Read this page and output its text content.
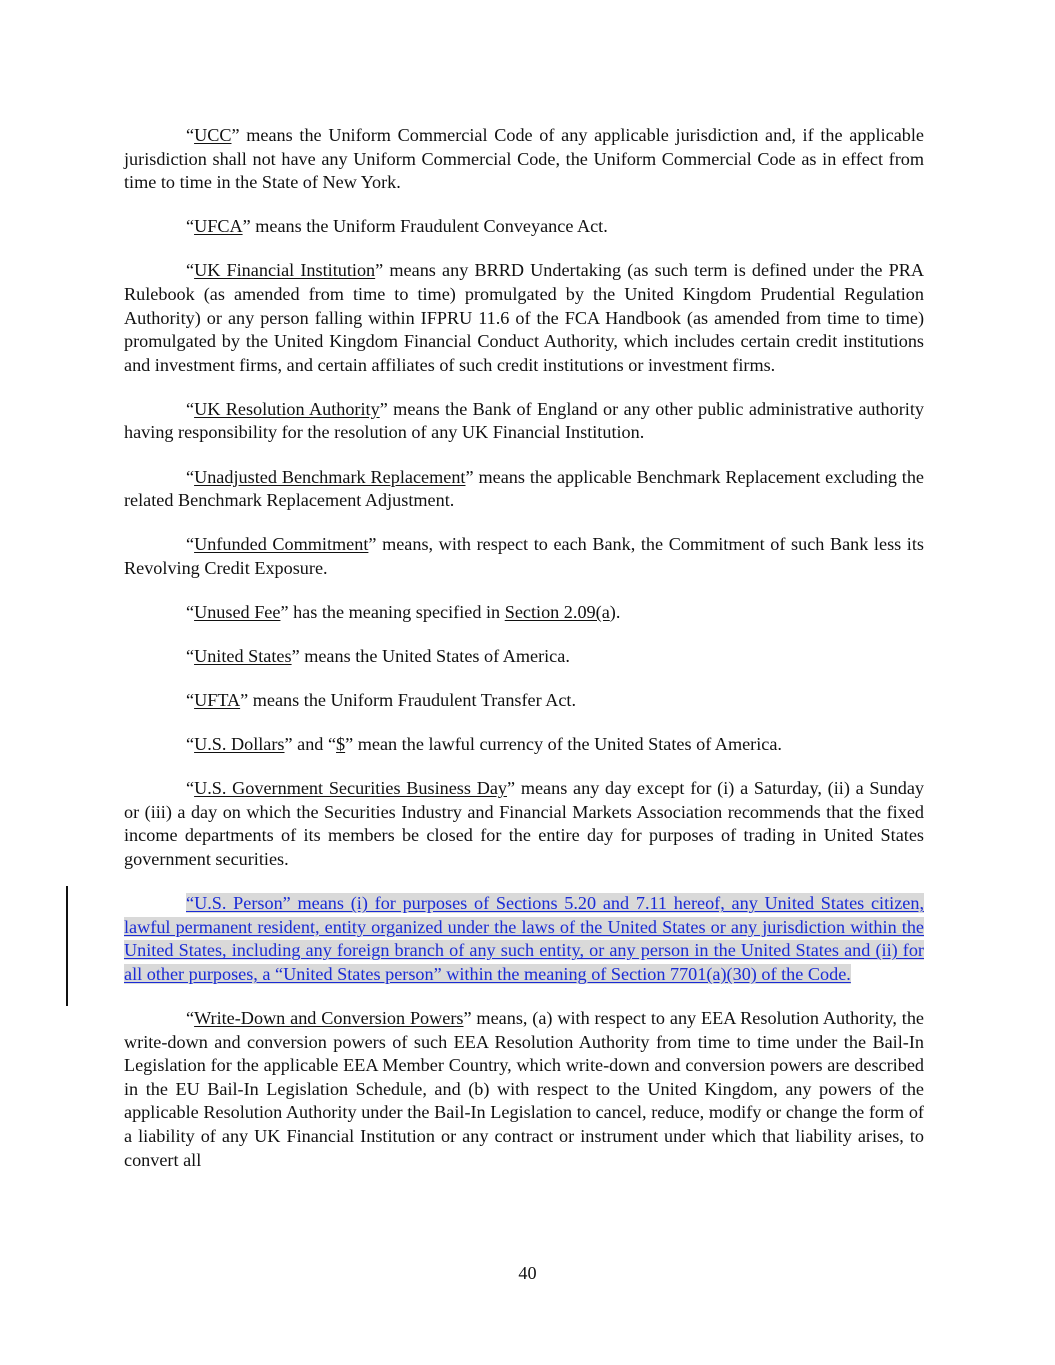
“UCC” means the Uniform Commercial Code of any applicable jurisdiction and, if the applicable jurisdiction shall not have any Uniform Commercial Code, the Uniform Commercial Code as in effect from time to time in the State of New York.

“UFCA” means the Uniform Fraudulent Conveyance Act.

“UK Financial Institution” means any BRRD Undertaking (as such term is defined under the PRA Rulebook (as amended from time to time) promulgated by the United Kingdom Prudential Regulation Authority) or any person falling within IFPRU 11.6 of the FCA Handbook (as amended from time to time) promulgated by the United Kingdom Financial Conduct Authority, which includes certain credit institutions and investment firms, and certain affiliates of such credit institutions or investment firms.

“UK Resolution Authority” means the Bank of England or any other public administrative authority having responsibility for the resolution of any UK Financial Institution.

“Unadjusted Benchmark Replacement” means the applicable Benchmark Replacement excluding the related Benchmark Replacement Adjustment.

“Unfunded Commitment” means, with respect to each Bank, the Commitment of such Bank less its Revolving Credit Exposure.

“Unused Fee” has the meaning specified in Section 2.09(a).

“United States” means the United States of America.

“UFTA” means the Uniform Fraudulent Transfer Act.

“U.S. Dollars” and “$” mean the lawful currency of the United States of America.

“U.S. Government Securities Business Day” means any day except for (i) a Saturday, (ii) a Sunday or (iii) a day on which the Securities Industry and Financial Markets Association recommends that the fixed income departments of its members be closed for the entire day for purposes of trading in United States government securities.

“U.S. Person” means (i) for purposes of Sections 5.20 and 7.11 hereof, any United States citizen, lawful permanent resident, entity organized under the laws of the United States or any jurisdiction within the United States, including any foreign branch of any such entity, or any person in the United States and (ii) for all other purposes, a “United States person” within the meaning of Section 7701(a)(30) of the Code.

“Write-Down and Conversion Powers” means, (a) with respect to any EEA Resolution Authority, the write-down and conversion powers of such EEA Resolution Authority from time to time under the Bail-In Legislation for the applicable EEA Member Country, which write-down and conversion powers are described in the EU Bail-In Legislation Schedule, and (b) with respect to the United Kingdom, any powers of the applicable Resolution Authority under the Bail-In Legislation to cancel, reduce, modify or change the form of a liability of any UK Financial Institution or any contract or instrument under which that liability arises, to convert all

40
